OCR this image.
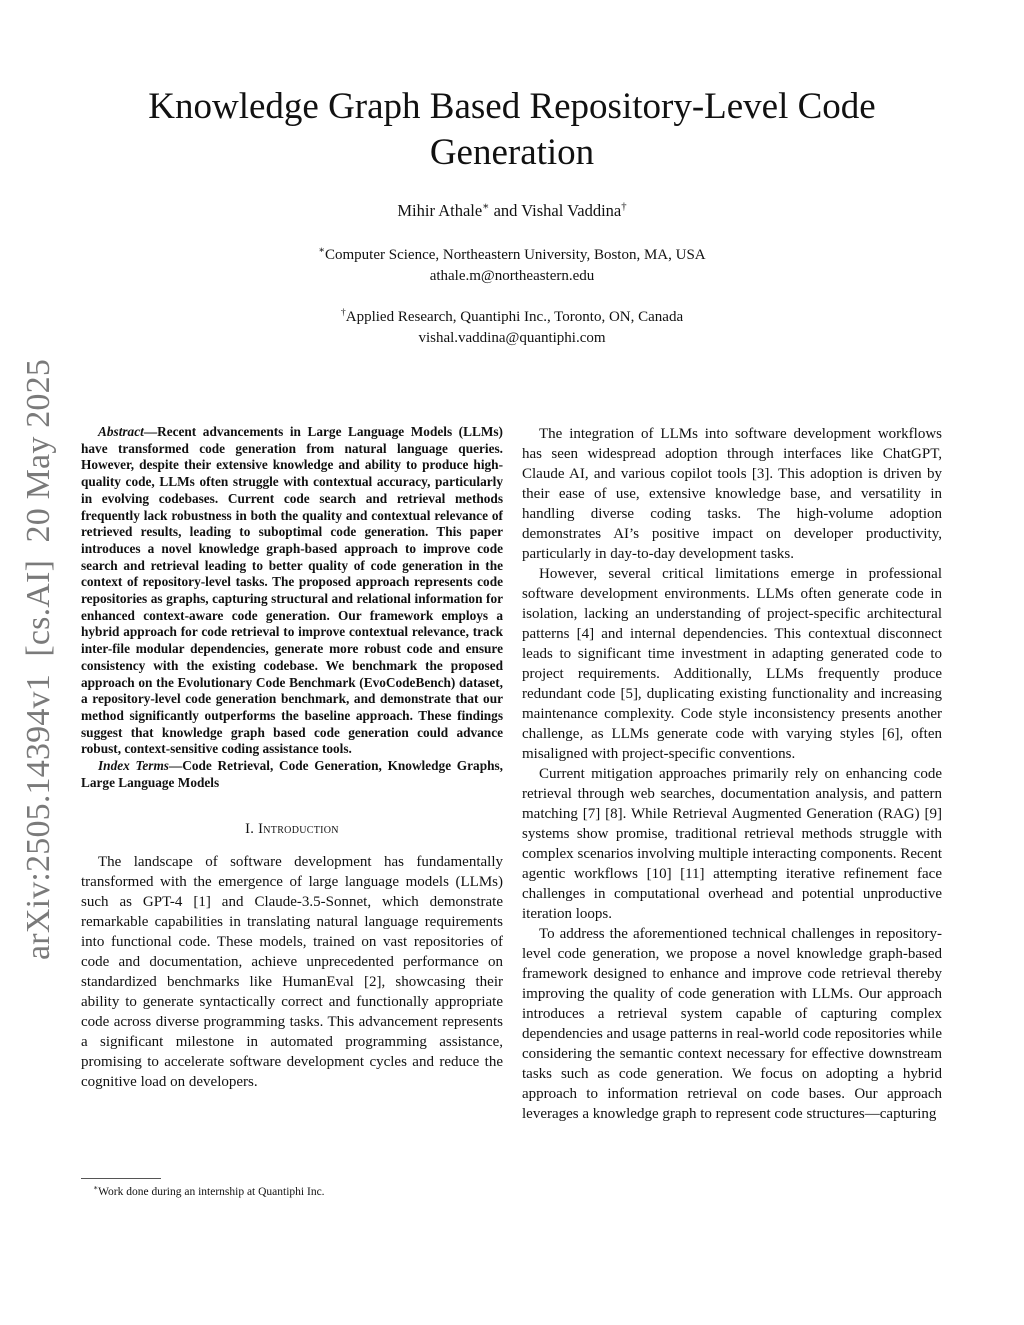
Knowledge Graph Based Repository-Level Code Generation
Mihir Athale∗ and Vishal Vaddina†

∗Computer Science, Northeastern University, Boston, MA, USA

athale.m@northeastern.edu

†Applied Research, Quantiphi Inc., Toronto, ON, Canada

vishal.vaddina@quantiphi.com

arXiv:2505.14394v1  [cs.AI]  20 May 2025	Abstract—Recent advancements in Large Language Models (LLMs) have transformed code generation from natural language queries. However, despite their extensive knowledge and ability to produce high-quality code, LLMs often struggle with contextual accuracy, particularly in evolving codebases. Current code search and retrieval methods frequently lack robustness in both the quality and contextual relevance of retrieved results, leading to suboptimal code generation. This paper introduces a novel knowledge graph-based approach to improve code search and retrieval leading to better quality of code generation in the context of repository-level tasks. The proposed approach represents code repositories as graphs, capturing structural and relational information for enhanced context-aware code generation. Our framework employs a hybrid approach for code retrieval to improve contextual relevance, track inter-file modular dependencies, generate more robust code and ensure consistency with the existing codebase. We benchmark the proposed approach on the Evolutionary Code Benchmark (EvoCodeBench) dataset, a repository-level code generation benchmark, and demonstrate that our method significantly outperforms the baseline approach. These findings suggest that knowledge graph based code generation could advance robust, context-sensitive coding assistance tools.

Index Terms—Code Retrieval, Code Generation, Knowledge Graphs, Large Language Models

I. Introduction

The landscape of software development has fundamentally transformed with the emergence of large language models (LLMs) such as GPT-4 [1] and Claude-3.5-Sonnet, which demonstrate remarkable capabilities in translating natural language requirements into functional code. These models, trained on vast repositories of code and documentation, achieve unprecedented performance on standardized benchmarks like HumanEval [2], showcasing their ability to generate syntactically correct and functionally appropriate code across diverse programming tasks. This advancement represents a significant milestone in automated programming assistance, promising to accelerate software development cycles and reduce the cognitive load on developers.

The integration of LLMs into software development workflows has seen widespread adoption through interfaces like ChatGPT, Claude AI, and various copilot tools [3]. This adoption is driven by their ease of use, extensive knowledge base, and versatility in handling diverse coding tasks. The high-volume adoption demonstrates AI’s positive impact on developer productivity, particularly in day-to-day development tasks.

However, several critical limitations emerge in professional software development environments. LLMs often generate code in isolation, lacking an understanding of project-specific architectural patterns [4] and internal dependencies. This contextual disconnect leads to significant time investment in adapting generated code to project requirements. Additionally, LLMs frequently produce redundant code [5], duplicating existing functionality and increasing maintenance complexity. Code style inconsistency presents another challenge, as LLMs generate code with varying styles [6], often misaligned with project-specific conventions.

Current mitigation approaches primarily rely on enhancing code retrieval through web searches, documentation analysis, and pattern matching [7] [8]. While Retrieval Augmented Generation (RAG) [9] systems show promise, traditional retrieval methods struggle with complex scenarios involving multiple interacting components. Recent agentic workflows [10] [11] attempting iterative refinement face challenges in computational overhead and potential unproductive iteration loops.

To address the aforementioned technical challenges in repository-level code generation, we propose a novel knowledge graph-based framework designed to enhance and improve code retrieval thereby improving the quality of code generation with LLMs. Our approach introduces a retrieval system capable of capturing complex dependencies and usage patterns in real-world code repositories while considering the semantic context necessary for effective downstream tasks such as code generation. We focus on adopting a hybrid approach to information retrieval on code bases. Our approach leverages a knowledge graph to represent code structures—capturing

∗Work done during an internship at Quantiphi Inc.
